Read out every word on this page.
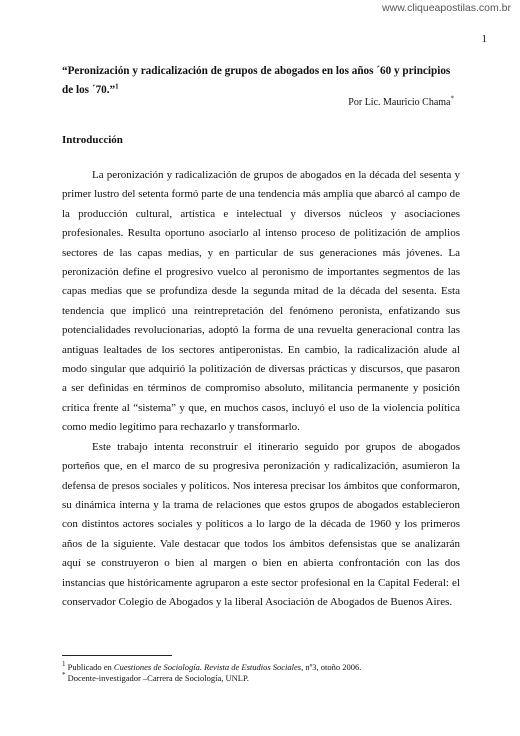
www.cliqueapostilas.com.br
1
“Peronización y radicalización de grupos de abogados en los años ´60 y principios de los ´70.”$^1$
Por Lic. Mauricio Chama*
Introducción

La peronización y radicalización de grupos de abogados en la década del sesenta y primer lustro del setenta formó parte de una tendencia más amplia que abarcó al campo de la producción cultural, artística e intelectual y diversos núcleos y asociaciones profesionales. Resulta oportuno asociarlo al intenso proceso de politización de amplios sectores de las capas medias, y en particular de sus generaciones más jóvenes. La peronización define el progresivo vuelco al peronismo de importantes segmentos de las capas medias que se profundiza desde la segunda mitad de la década del sesenta. Esta tendencia que implicó una reintrepretación del fenómeno peronista, enfatizando sus potencialidades revolucionarias, adoptó la forma de una revuelta generacional contra las antiguas lealtades de los sectores antiperonistas. En cambio, la radicalización alude al modo singular que adquirió la politización de diversas prácticas y discursos, que pasaron a ser definidas en términos de compromiso absoluto, militancia permanente y posición crítica frente al “sistema” y que, en muchos casos, incluyó el uso de la violencia política como medio legítimo para rechazarlo y transformarlo.

Este trabajo intenta reconstruir el itinerario seguido por grupos de abogados porteños que, en el marco de su progresiva peronización y radicalización, asumieron la defensa de presos sociales y políticos. Nos interesa precisar los ámbitos que conformaron, su dinámica interna y la trama de relaciones que estos grupos de abogados establecieron con distintos actores sociales y políticos a lo largo de la década de 1960 y los primeros años de la siguiente. Vale destacar que todos los ámbitos defensistas que se analizarán aquí se construyeron o bien al margen o bien en abierta confrontación con las dos instancias que históricamente agruparon a este sector profesional en la Capital Federal: el conservador Colegio de Abogados y la liberal Asociación de Abogados de Buenos Aires.

$^1$ Publicado en Cuestiones de Sociología. Revista de Estudios Sociales, nº3, otoño 2006.
* Docente-investigador –Carrera de Sociología, UNLP.
